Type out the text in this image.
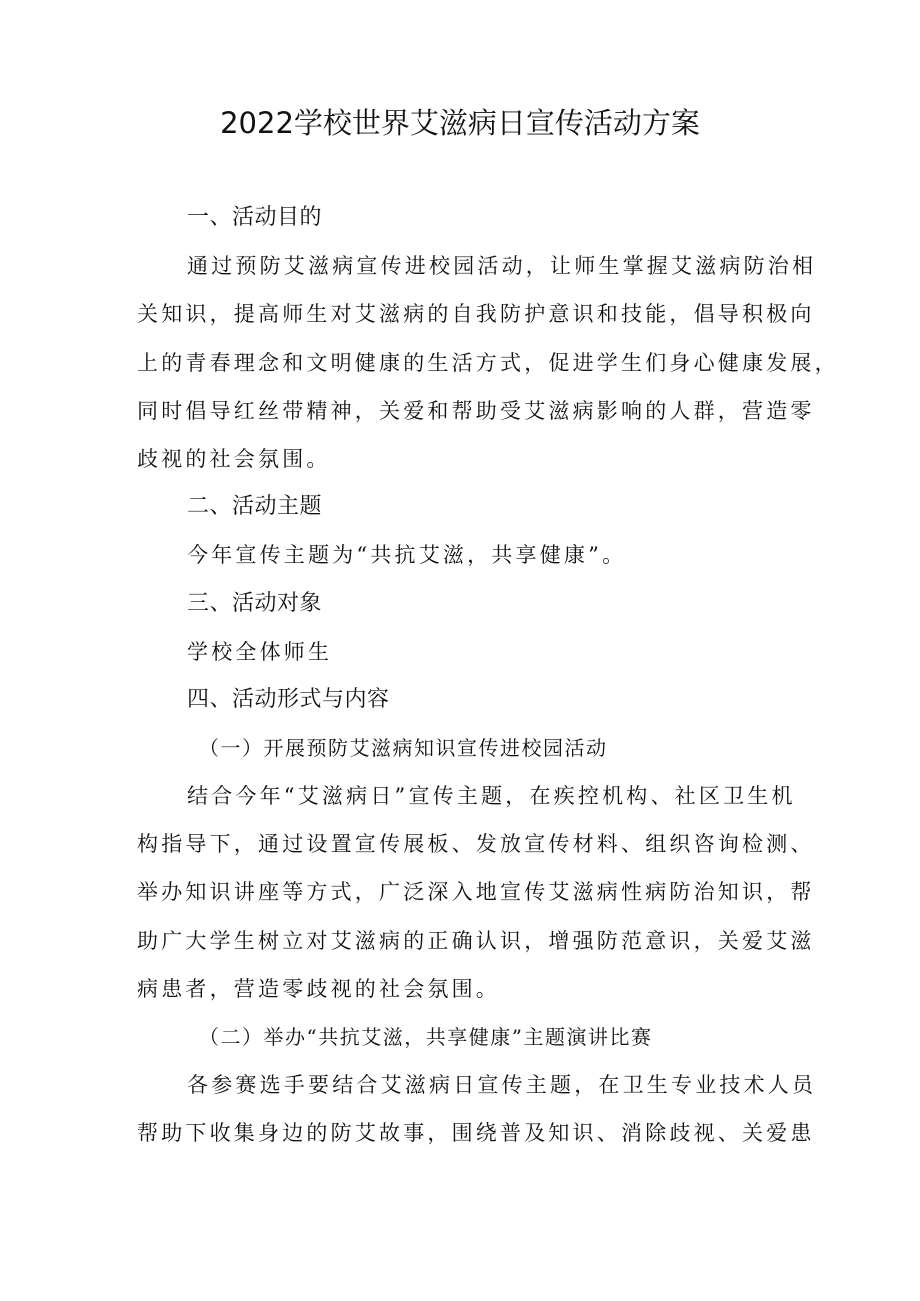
2022学校世界艾滋病日宣传活动方案
一、活动目的
通过预防艾滋病宣传进校园活动，让师生掌握艾滋病防治相
关知识，提高师生对艾滋病的自我防护意识和技能，倡导积极向
上的青春理念和文明健康的生活方式，促进学生们身心健康发展，
同时倡导红丝带精神，关爱和帮助受艾滋病影响的人群，营造零
歧视的社会氛围。
二、活动主题
今年宣传主题为“共抗艾滋，共享健康”。
三、活动对象
学校全体师生
四、活动形式与内容
（一）开展预防艾滋病知识宣传进校园活动
结合今年“艾滋病日”宣传主题，在疾控机构、社区卫生机
构指导下，通过设置宣传展板、发放宣传材料、组织咨询检测、
举办知识讲座等方式，广泛深入地宣传艾滋病性病防治知识，帮
助广大学生树立对艾滋病的正确认识，增强防范意识，关爱艾滋
病患者，营造零歧视的社会氛围。
（二）举办“共抗艾滋，共享健康”主题演讲比赛
各参赛选手要结合艾滋病日宣传主题，在卫生专业技术人员
帮助下收集身边的防艾故事，围绕普及知识、消除歧视、关爱患
